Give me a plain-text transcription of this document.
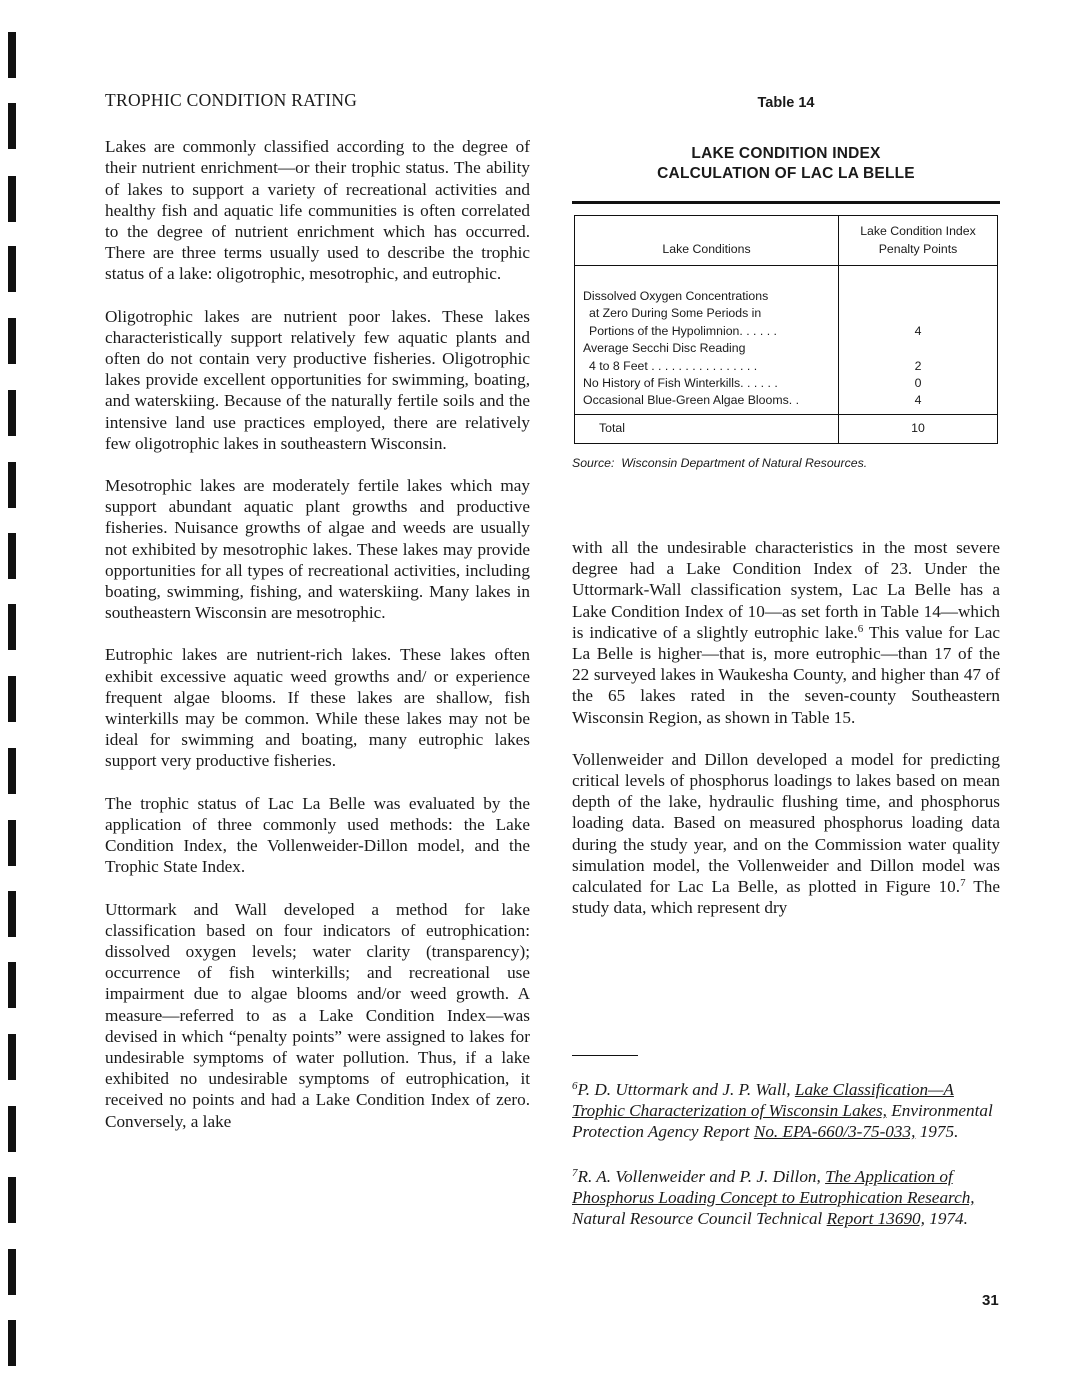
TROPHIC CONDITION RATING

Lakes are commonly classified according to the degree of their nutrient enrichment—or their trophic status. The ability of lakes to support a variety of recreational activities and healthy fish and aquatic life communities is often correlated to the degree of nutrient enrichment which has occurred. There are three terms usually used to describe the trophic status of a lake: oligotrophic, mesotrophic, and eutrophic.

Oligotrophic lakes are nutrient poor lakes. These lakes characteristically support relatively few aquatic plants and often do not contain very productive fisheries. Oligotrophic lakes provide excellent opportunities for swimming, boating, and waterskiing. Because of the naturally fertile soils and the intensive land use practices employed, there are relatively few oligotrophic lakes in southeastern Wisconsin.

Mesotrophic lakes are moderately fertile lakes which may support abundant aquatic plant growths and productive fisheries. Nuisance growths of algae and weeds are usually not exhibited by mesotrophic lakes. These lakes may provide opportunities for all types of recreational activities, including boating, swimming, fishing, and waterskiing. Many lakes in southeastern Wisconsin are mesotrophic.

Eutrophic lakes are nutrient-rich lakes. These lakes often exhibit excessive aquatic weed growths and/ or experience frequent algae blooms. If these lakes are shallow, fish winterkills may be common. While these lakes may not be ideal for swimming and boating, many eutrophic lakes support very productive fisheries.

The trophic status of Lac La Belle was evaluated by the application of three commonly used methods: the Lake Condition Index, the Vollenweider-Dillon model, and the Trophic State Index.

Uttormark and Wall developed a method for lake classification based on four indicators of eutrophication: dissolved oxygen levels; water clarity (transparency); occurrence of fish winterkills; and recreational use impairment due to algae blooms and/or weed growth. A measure—referred to as a Lake Condition Index—was devised in which “penalty points” were assigned to lakes for undesirable symptoms of water pollution. Thus, if a lake exhibited no undesirable symptoms of eutrophication, it received no points and had a Lake Condition Index of zero. Conversely, a lake

Table 14
LAKE CONDITION INDEX
CALCULATION OF LAC LA BELLE
Lake Conditions
Lake Condition Index
Penalty Points
Dissolved Oxygen Concentrations
at Zero During Some Periods in
Portions of the Hypolimnion. . . . . .
Average Secchi Disc Reading
4 to 8 Feet . . . . . . . . . . . . . . . .
No History of Fish Winterkills. . . . . .
Occasional Blue-Green Algae Blooms. .

4

2
0
4
Total	10

Source: Wisconsin Department of Natural Resources.

with all the undesirable characteristics in the most severe degree had a Lake Condition Index of 23. Under the Uttormark-Wall classification system, Lac La Belle has a Lake Condition Index of 10—as set forth in Table 14—which is indicative of a slightly eutrophic lake.$^6$ This value for Lac La Belle is higher—that is, more eutrophic—than 17 of the 22 surveyed lakes in Waukesha County, and higher than 47 of the 65 lakes rated in the seven-county Southeastern Wisconsin Region, as shown in Table 15.

Vollenweider and Dillon developed a model for predicting critical levels of phosphorus loadings to lakes based on mean depth of the lake, hydraulic flushing time, and phosphorus loading data. Based on measured phosphorus loading data during the study year, and on the Commission water quality simulation model, the Vollenweider and Dillon model was calculated for Lac La Belle, as plotted in Figure 10.$^7$ The study data, which represent dry

$^6$P. D. Uttormark and J. P. Wall, Lake Classification—A Trophic Characterization of Wisconsin Lakes, Environmental Protection Agency Report No. EPA-660/3-75-033, 1975.

$^7$R. A. Vollenweider and P. J. Dillon, The Application of Phosphorus Loading Concept to Eutrophication Research, Natural Resource Council Technical Report 13690, 1974.

31
